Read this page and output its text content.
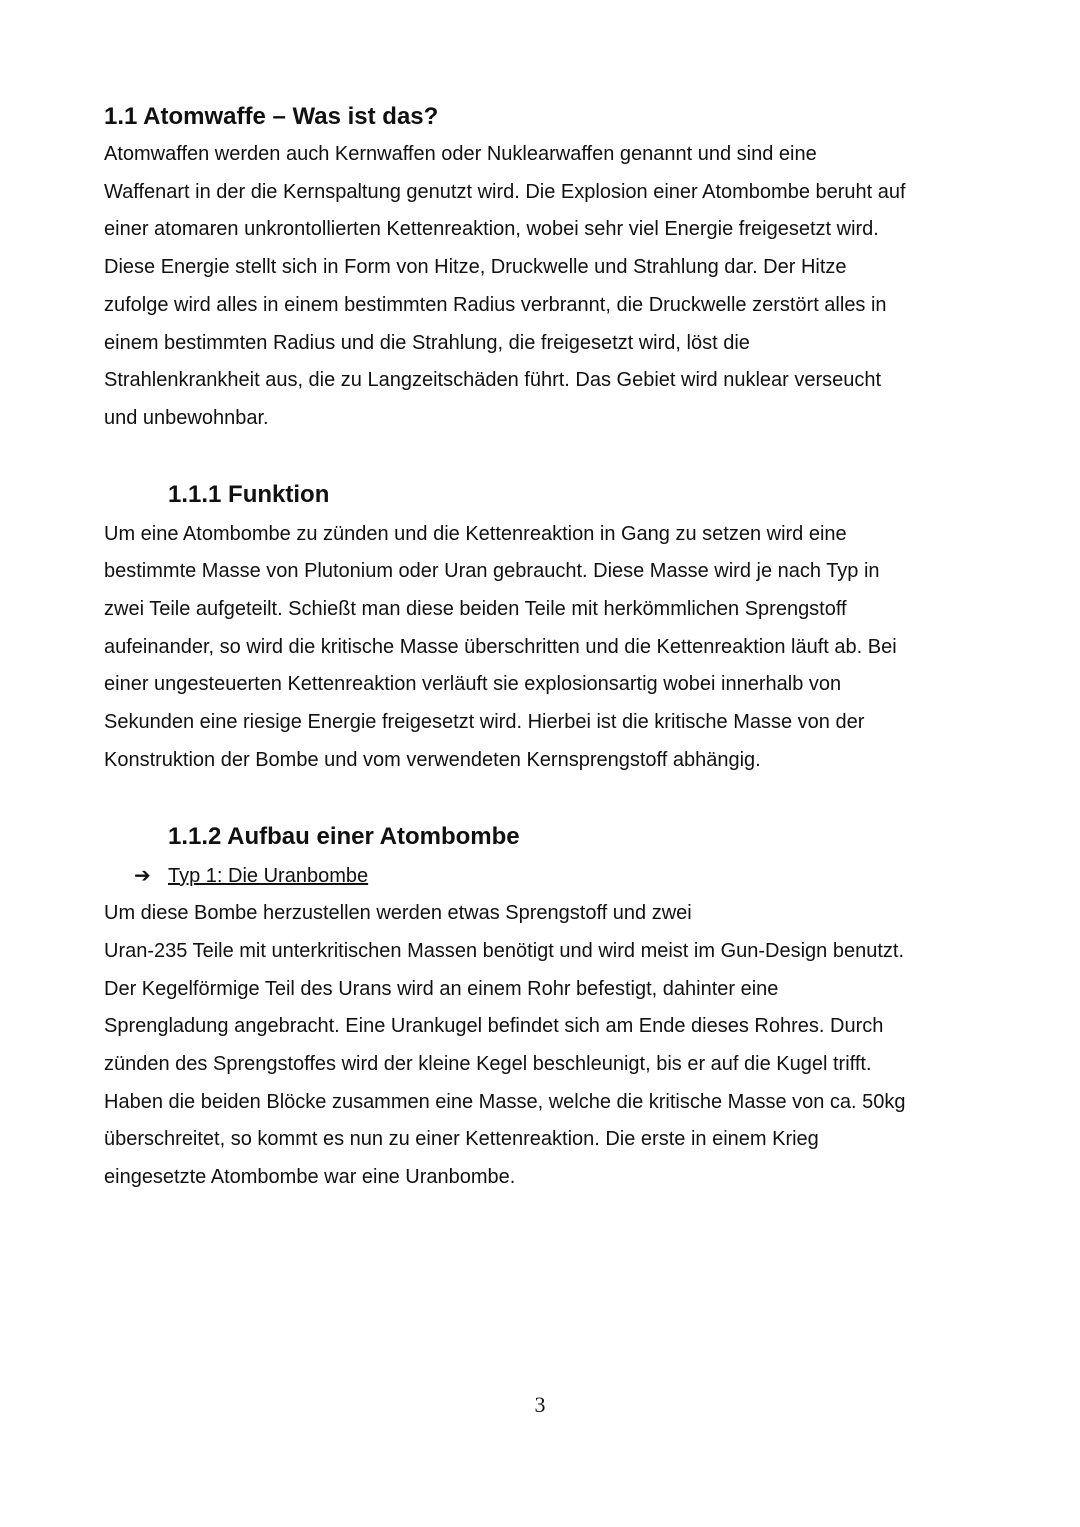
1.1 Atomwaffe – Was ist das?

Atomwaffen werden auch Kernwaffen oder Nuklearwaffen genannt und sind eine

Waffenart in der die Kernspaltung genutzt wird. Die Explosion einer Atombombe beruht auf

einer atomaren unkrontollierten Kettenreaktion, wobei sehr viel Energie freigesetzt wird.

Diese Energie stellt sich in Form von Hitze, Druckwelle und Strahlung dar. Der Hitze

zufolge wird alles in einem bestimmten Radius verbrannt, die Druckwelle zerstört alles in

einem bestimmten Radius und die Strahlung, die freigesetzt wird, löst die

Strahlenkrankheit aus, die zu Langzeitschäden führt. Das Gebiet wird nuklear verseucht

und unbewohnbar.

1.1.1 Funktion

Um eine Atombombe zu zünden und die Kettenreaktion in Gang zu setzen wird eine

bestimmte Masse von Plutonium oder Uran gebraucht. Diese Masse wird je nach Typ in

zwei Teile aufgeteilt. Schießt man diese beiden Teile mit herkömmlichen Sprengstoff

aufeinander, so wird die kritische Masse überschritten und die Kettenreaktion läuft ab. Bei

einer ungesteuerten Kettenreaktion verläuft sie explosionsartig wobei innerhalb von

Sekunden eine riesige Energie freigesetzt wird. Hierbei ist die kritische Masse von der

Konstruktion der Bombe und vom verwendeten Kernsprengstoff abhängig.

1.1.2 Aufbau einer Atombombe
➔ Typ 1: Die Uranbombe

Um diese Bombe herzustellen werden etwas Sprengstoff und zwei

Uran-235 Teile mit unterkritischen Massen benötigt und wird meist im Gun-Design benutzt.

Der Kegelförmige Teil des Urans wird an einem Rohr befestigt, dahinter eine

Sprengladung angebracht. Eine Urankugel befindet sich am Ende dieses Rohres. Durch

zünden des Sprengstoffes wird der kleine Kegel beschleunigt, bis er auf die Kugel trifft.

Haben die beiden Blöcke zusammen eine Masse, welche die kritische Masse von ca. 50kg

überschreitet, so kommt es nun zu einer Kettenreaktion. Die erste in einem Krieg

eingesetzte Atombombe war eine Uranbombe.

3
